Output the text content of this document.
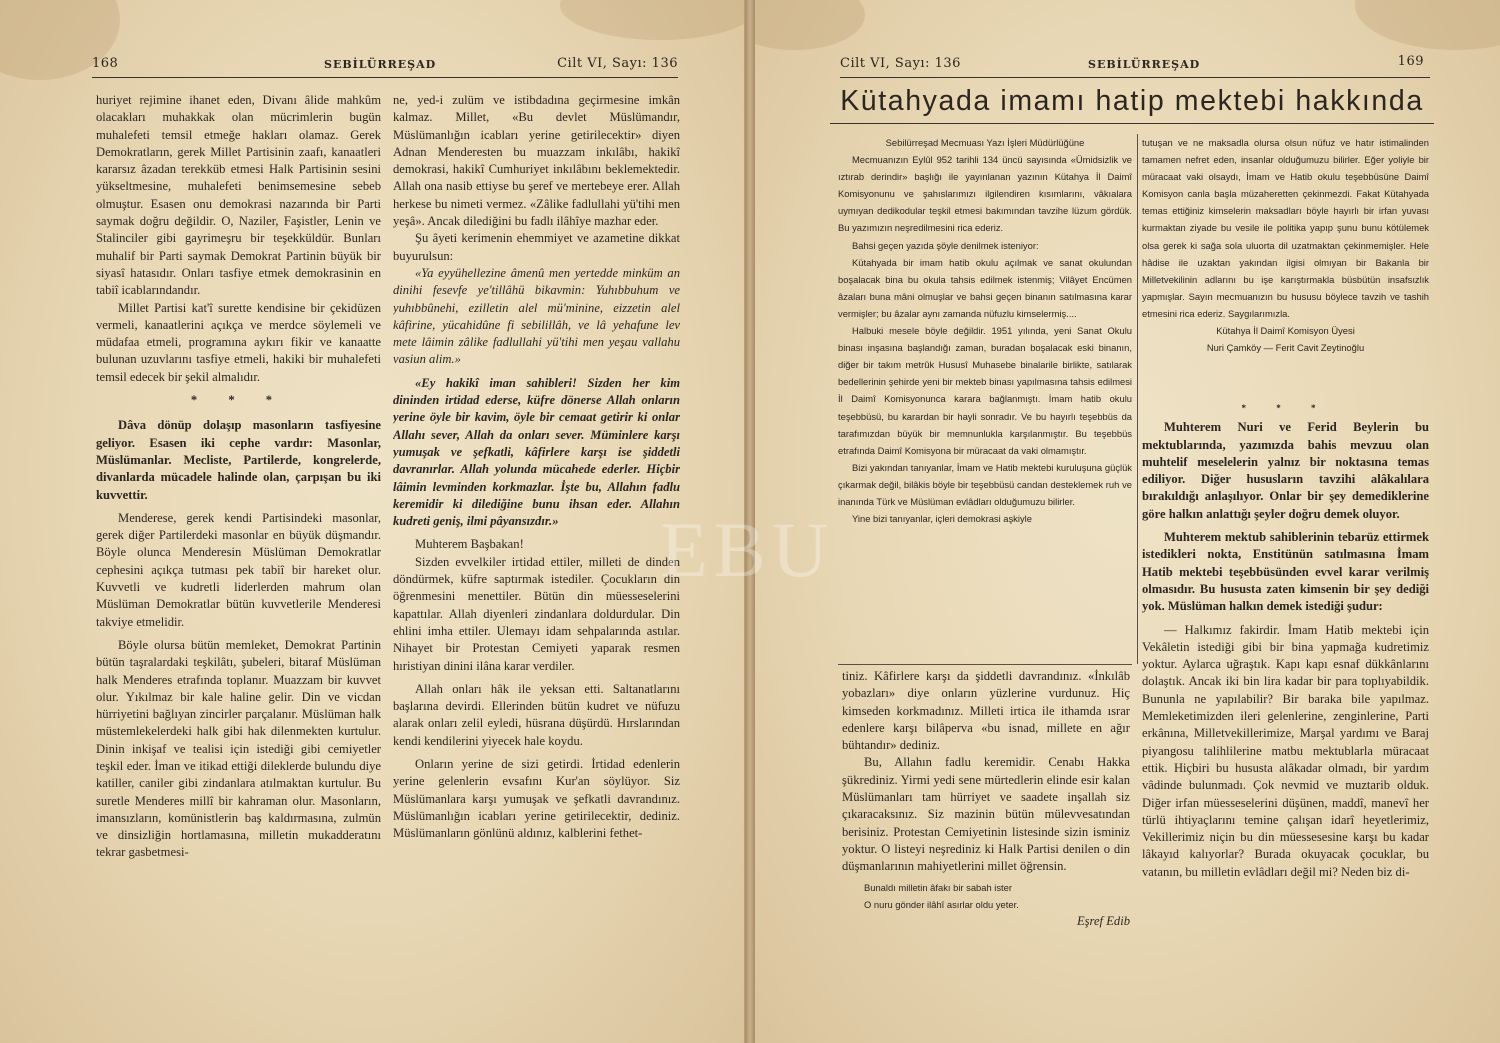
168	SEBİLÜRREŞAD	Cilt VI, Sayı: 136

huriyet rejimine ihanet eden, Divanı âlide mahkûm olacakları muhakkak olan mücrimlerin bugün muhalefeti temsil etmeğe hakları olamaz. Gerek Demokratların, gerek Millet Partisinin zaafı, kanaatleri kararsız âzadan terekküb etmesi Halk Partisinin sesini yükseltmesine, muhalefeti benimsemesine sebeb olmuştur. Esasen onu demokrasi nazarında bir Parti saymak doğru değildir. O, Naziler, Faşistler, Lenin ve Stalinciler gibi gayrimeşru bir teşekküldür. Bunları muhalif bir Parti saymak Demokrat Partinin büyük bir siyasî hatasıdır. Onları tasfiye etmek demokrasinin en tabiî icablarındandır.

Millet Partisi kat'î surette kendisine bir çekidüzen vermeli, kanaatlerini açıkça ve merdce söylemeli ve müdafaa etmeli, programına aykırı fikir ve kanaatte bulunan uzuvlarını tasfiye etmeli, hakiki bir muhalefeti temsil edecek bir şekil almalıdır.

* * *

Dâva dönüp dolaşıp masonların tasfiyesine geliyor. Esasen iki cephe vardır: Masonlar, Müslümanlar. Mecliste, Partilerde, kongrelerde, divanlarda mücadele halinde olan, çarpışan bu iki kuvvettir.

Menderese, gerek kendi Partisindeki masonlar, gerek diğer Partilerdeki masonlar en büyük düşmandır. Böyle olunca Menderesin Müslüman Demokratlar cephesini açıkça tutması pek tabiî bir hareket olur. Kuvvetli ve kudretli liderlerden mahrum olan Müslüman Demokratlar bütün kuvvetlerile Menderesi takviye etmelidir.

Böyle olursa bütün memleket, Demokrat Partinin bütün taşralardaki teşkilâtı, şubeleri, bitaraf Müslüman halk Menderes etrafında toplanır. Muazzam bir kuvvet olur. Yıkılmaz bir kale haline gelir. Din ve vicdan hürriyetini bağlıyan zincirler parçalanır. Müslüman halk müstemlekelerdeki halk gibi hak dilenmekten kurtulur. Dinin inkişaf ve tealisi için istediği gibi cemiyetler teşkil eder. İman ve itikad ettiği dileklerde bulundu diye katiller, caniler gibi zindanlara atılmaktan kurtulur. Bu suretle Menderes millî bir kahraman olur. Masonların, imansızların, komünistlerin baş kaldırmasına, zulmün ve dinsizliğin hortlamasına, milletin mukadderatını tekrar gasbetmesi-

ne, yed-i zulüm ve istibdadına geçirmesine imkân kalmaz. Millet, «Bu devlet Müslümandır, Müslümanlığın icabları yerine getirilecektir» diyen Adnan Menderesten bu muazzam inkılâbı, hakikî demokrasi, hakikî Cumhuriyet inkılâbını beklemektedir. Allah ona nasib ettiyse bu şeref ve mertebeye erer. Allah herkese bu nimeti vermez. «Zâlike fadlullahi yü'tihi men yeşâ». Ancak dilediğini bu fadlı ilâhîye mazhar eder.

Şu âyeti kerimenin ehemmiyet ve azametine dikkat buyurulsun:

«Ya eyyühellezine âmenû men yertedde minküm an dinihi fesevfe ye'tillâhü bikavmin: Yuhıbbuhum ve yuhıbbûnehi, ezilletin alel mü'minine, eizzetin alel kâfirine, yücahidûne fi sebilillâh, ve lâ yehafune lev mete lâimin zâlike fadlullahi yü'tihi men yeşau vallahu vasiun alim.»

«Ey hakikî iman sahibleri! Sizden her kim dininden irtidad ederse, küfre dönerse Allah onların yerine öyle bir kavim, öyle bir cemaat getirir ki onlar Allahı sever, Allah da onları sever. Müminlere karşı yumuşak ve şefkatli, kâfirlere karşı ise şiddetli davranırlar. Allah yolunda mücahede ederler. Hiçbir lâimin levminden korkmazlar. İşte bu, Allahın fadlu keremidir ki dilediğine bunu ihsan eder. Allahın kudreti geniş, ilmi pâyansızdır.»

Muhterem Başbakan!

Sizden evvelkiler irtidad ettiler, milleti de dinden döndürmek, küfre saptırmak istediler. Çocukların din öğrenmesini menettiler. Bütün din müesseselerini kapattılar. Allah diyenleri zindanlara doldurdular. Din ehlini imha ettiler. Ulemayı idam sehpalarında astılar. Nihayet bir Protestan Cemiyeti yaparak resmen hıristiyan dinini ilâna karar verdiler.

Allah onları hâk ile yeksan etti. Saltanatlarını başlarına devirdi. Ellerinden bütün kudret ve nüfuzu alarak onları zelil eyledi, hüsrana düşürdü. Hırslarından kendi kendilerini yiyecek hale koydu.

Onların yerine de sizi getirdi. İrtidad edenlerin yerine gelenlerin evsafını Kur'an söylüyor. Siz Müslümanlara karşı yumuşak ve şefkatli davrandınız. Müslümanlığın icabları yerine getirilecektir, dediniz. Müslümanların gönlünü aldınız, kalblerini fethet-

Cilt VI, Sayı: 136	SEBİLÜRREŞAD	169
Kütahyada imamı hatip mektebi hakkında

Sebilürreşad Mecmuası Yazı İşleri Müdürlüğüne

Mecmuanızın Eylûl 952 tarihli 134 üncü sayısında «Ümidsizlik ve ıztırab derindir» başlığı ile yayınlanan yazının Kütahya İl Daimî Komisyonunu ve şahıslarımızı ilgilendiren kısımlarını, vâkıalara uymıyan dedikodular teşkil etmesi bakımından tavzihe lüzum gördük. Bu yazımızın neşredilmesini rica ederiz.

Bahsi geçen yazıda şöyle denilmek isteniyor:

Kütahyada bir imam hatib okulu açılmak ve sanat okulundan boşalacak bina bu okula tahsis edilmek istenmiş; Vilâyet Encümen âzaları buna mâni olmuşlar ve bahsi geçen binanın satılmasına karar vermişler; bu âzalar aynı zamanda nüfuzlu kimselermiş....

Halbuki mesele böyle değildir. 1951 yılında, yeni Sanat Okulu binası inşasına başlandığı zaman, buradan boşalacak eski binanın, diğer bir takım metrûk Hususî Muhasebe binalarile birlikte, satılarak bedellerinin şehirde yeni bir mekteb binası yapılmasına tahsis edilmesi İl Daimî Komisyonunca karara bağlanmıştı. İmam hatib okulu teşebbüsü, bu karardan bir hayli sonradır. Ve bu hayırlı teşebbüs da tarafımızdan büyük bir memnunlukla karşılanmıştır. Bu teşebbüs etrafında Daimî Komisyona bir müracaat da vaki olmamıştır.

Bizi yakından tanıyanlar, İmam ve Hatib mektebi kuruluşuna güçlük çıkarmak değil, bilâkis böyle bir teşebbüsü candan desteklemek ruh ve inanında Türk ve Müslüman evlâdları olduğumuzu bilirler.

Yine bizi tanıyanlar, içleri demokrasi aşkiyle

tutuşan ve ne maksadla olursa olsun nüfuz ve hatır istimalinden tamamen nefret eden, insanlar olduğumuzu bilirler. Eğer yoliyle bir müracaat vaki olsaydı, İmam ve Hatib okulu teşebbüsüne Daimî Komisyon canla başla müzaheretten çekinmezdi. Fakat Kütahyada temas ettiğiniz kimselerin maksadları böyle hayırlı bir irfan yuvası kurmaktan ziyade bu vesile ile politika yapıp şunu bunu kötülemek olsa gerek ki sağa sola uluorta dil uzatmaktan çekinmemişler. Hele hâdise ile uzaktan yakından ilgisi olmıyan bir Bakanla bir Milletvekilinin adlarını bu işe karıştırmakla büsbütün insafsızlık yapmışlar. Sayın mecmuanızın bu hususu böylece tavzih ve tashih etmesini rica ederiz. Saygılarımızla.

Kütahya İl Daimî Komisyon Üyesi

Nuri Çamköy — Ferit Cavit Zeytinoğlu

* * *

Muhterem Nuri ve Ferid Beylerin bu mektublarında, yazımızda bahis mevzuu olan muhtelif meselelerin yalnız bir noktasına temas ediliyor. Diğer hususların tavzihi alâkalılara bırakıldığı anlaşılıyor. Onlar bir şey demediklerine göre halkın anlattığı şeyler doğru demek oluyor.

Muhterem mektub sahiblerinin tebarüz ettirmek istedikleri nokta, Enstitünün satılmasına İmam Hatib mektebi teşebbüsünden evvel karar verilmiş olmasıdır. Bu hususta zaten kimsenin bir şey dediği yok. Müslüman halkın demek istediği şudur:

— Halkımız fakirdir. İmam Hatib mektebi için Vekâletin istediği gibi bir bina yapmağa kudretimiz yoktur. Aylarca uğraştık. Kapı kapı esnaf dükkânlarını dolaştık. Ancak iki bin lira kadar bir para toplıyabildik. Bununla ne yapılabilir? Bir baraka bile yapılmaz. Memleketimizden ileri gelenlerine, zenginlerine, Parti erkânına, Milletvekillerimize, Marşal yardımı ve Baraj piyangosu talihlilerine matbu mektublarla müracaat ettik. Hiçbiri bu hususta alâkadar olmadı, bir yardım vâdinde bulunmadı. Çok nevmid ve muztarib olduk. Diğer irfan müesseselerini düşünen, maddî, manevî her türlü ihtiyaçlarını temine çalışan idarî heyetlerimiz, Vekillerimiz niçin bu din müessesesine karşı bu kadar lâkayıd kalıyorlar? Burada okuyacak çocuklar, bu vatanın, bu milletin evlâdları değil mi? Neden biz di-

tiniz. Kâfirlere karşı da şiddetli davrandınız. «İnkılâb yobazları» diye onların yüzlerine vurdunuz. Hiç kimseden korkmadınız. Milleti irtica ile ithamda ısrar edenlere karşı bilâperva «bu isnad, millete en ağır bühtandır» dediniz.

Bu, Allahın fadlu keremidir. Cenabı Hakka şükrediniz. Yirmi yedi sene mürtedlerin elinde esir kalan Müslümanları tam hürriyet ve saadete inşallah siz çıkaracaksınız. Siz mazinin bütün mülevvesatından berisiniz. Protestan Cemiyetinin listesinde sizin isminiz yoktur. O listeyi neşrediniz ki Halk Partisi denilen o din düşmanlarının mahiyetlerini millet öğrensin.

Bunaldı milletin âfakı bir sabah ister

O nuru gönder ilâhî asırlar oldu yeter.

Eşref Edib

EBU
